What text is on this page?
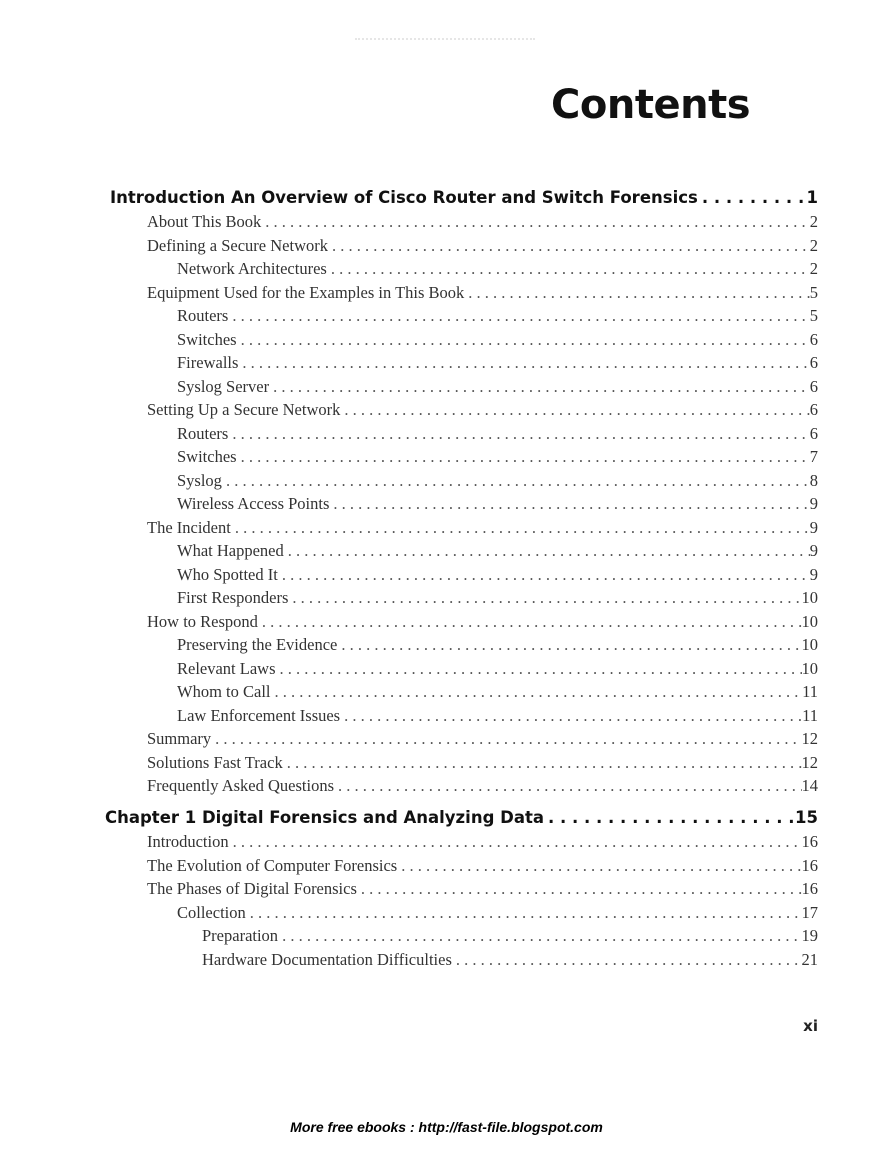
Contents
Introduction An Overview of Cisco Router and Switch Forensics . . .	1
About This Book . . .	2
Defining a Secure Network . . .	2
Network Architectures . . .	2
Equipment Used for the Examples in This Book . . .	5
Routers . . .	5
Switches . . .	6
Firewalls . . .	6
Syslog Server . . .	6
Setting Up a Secure Network . . .	6
Routers . . .	6
Switches . . .	7
Syslog . . .	8
Wireless Access Points . . .	9
The Incident . . .	9
What Happened . . .	9
Who Spotted It . . .	9
First Responders . . .	10
How to Respond . . .	10
Preserving the Evidence . . .	10
Relevant Laws . . .	10
Whom to Call . . .	11
Law Enforcement Issues . . .	11
Summary . . .	12
Solutions Fast Track . . .	12
Frequently Asked Questions . . .	14
Chapter 1 Digital Forensics and Analyzing Data . . .	15
Introduction . . .	16
The Evolution of Computer Forensics . . .	16
The Phases of Digital Forensics . . .	16
Collection . . .	17
Preparation . . .	19
Hardware Documentation Difficulties . . .	21
xi
More free ebooks : http://fast-file.blogspot.com
